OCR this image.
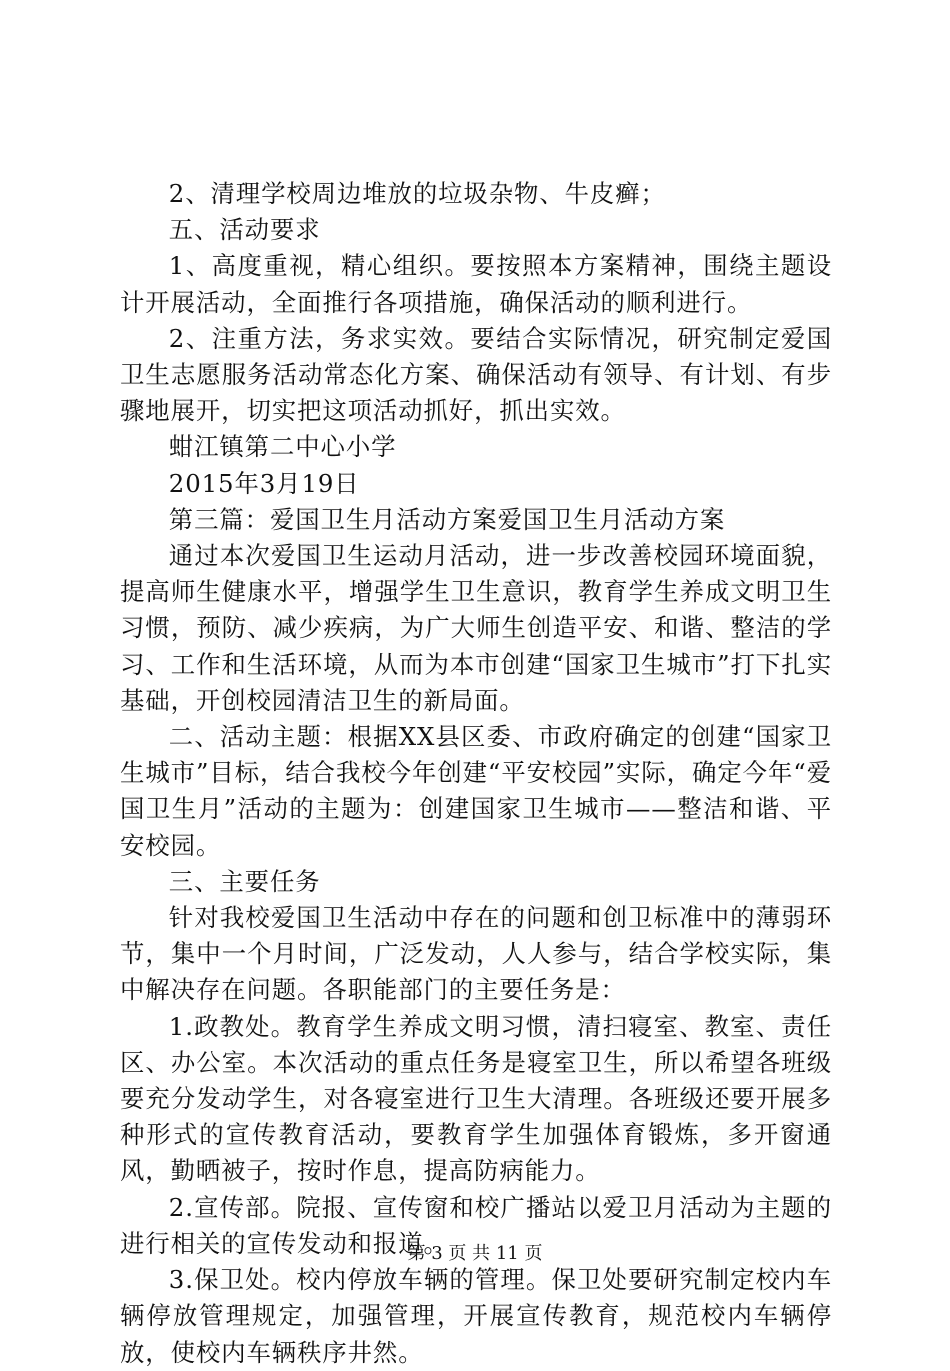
2、清理学校周边堆放的垃圾杂物、牛皮癣；

五、活动要求

1、高度重视，精心组织。要按照本方案精神，围绕主题设计开展活动，全面推行各项措施，确保活动的顺利进行。

2、注重方法，务求实效。要结合实际情况，研究制定爱国卫生志愿服务活动常态化方案、确保活动有领导、有计划、有步骤地展开，切实把这项活动抓好，抓出实效。

蚶江镇第二中心小学

2015年3月19日

第三篇：爱国卫生月活动方案爱国卫生月活动方案

通过本次爱国卫生运动月活动，进一步改善校园环境面貌，提高师生健康水平，增强学生卫生意识，教育学生养成文明卫生习惯，预防、减少疾病，为广大师生创造平安、和谐、整洁的学习、工作和生活环境，从而为本市创建“国家卫生城市”打下扎实基础，开创校园清洁卫生的新局面。

二、活动主题：根据XX县区委、市政府确定的创建“国家卫生城市”目标，结合我校今年创建“平安校园”实际，确定今年“爱国卫生月”活动的主题为：创建国家卫生城市——整洁和谐、平安校园。

三、主要任务

针对我校爱国卫生活动中存在的问题和创卫标准中的薄弱环节，集中一个月时间，广泛发动，人人参与，结合学校实际，集中解决存在问题。各职能部门的主要任务是：

1.政教处。教育学生养成文明习惯，清扫寝室、教室、责任区、办公室。本次活动的重点任务是寝室卫生，所以希望各班级要充分发动学生，对各寝室进行卫生大清理。各班级还要开展多种形式的宣传教育活动，要教育学生加强体育锻炼，多开窗通风，勤晒被子，按时作息，提高防病能力。

2.宣传部。院报、宣传窗和校广播站以爱卫月活动为主题的进行相关的宣传发动和报道。

3.保卫处。校内停放车辆的管理。保卫处要研究制定校内车辆停放管理规定，加强管理，开展宣传教育，规范校内车辆停放，使校内车辆秩序井然。

第 3 页 共 11 页
